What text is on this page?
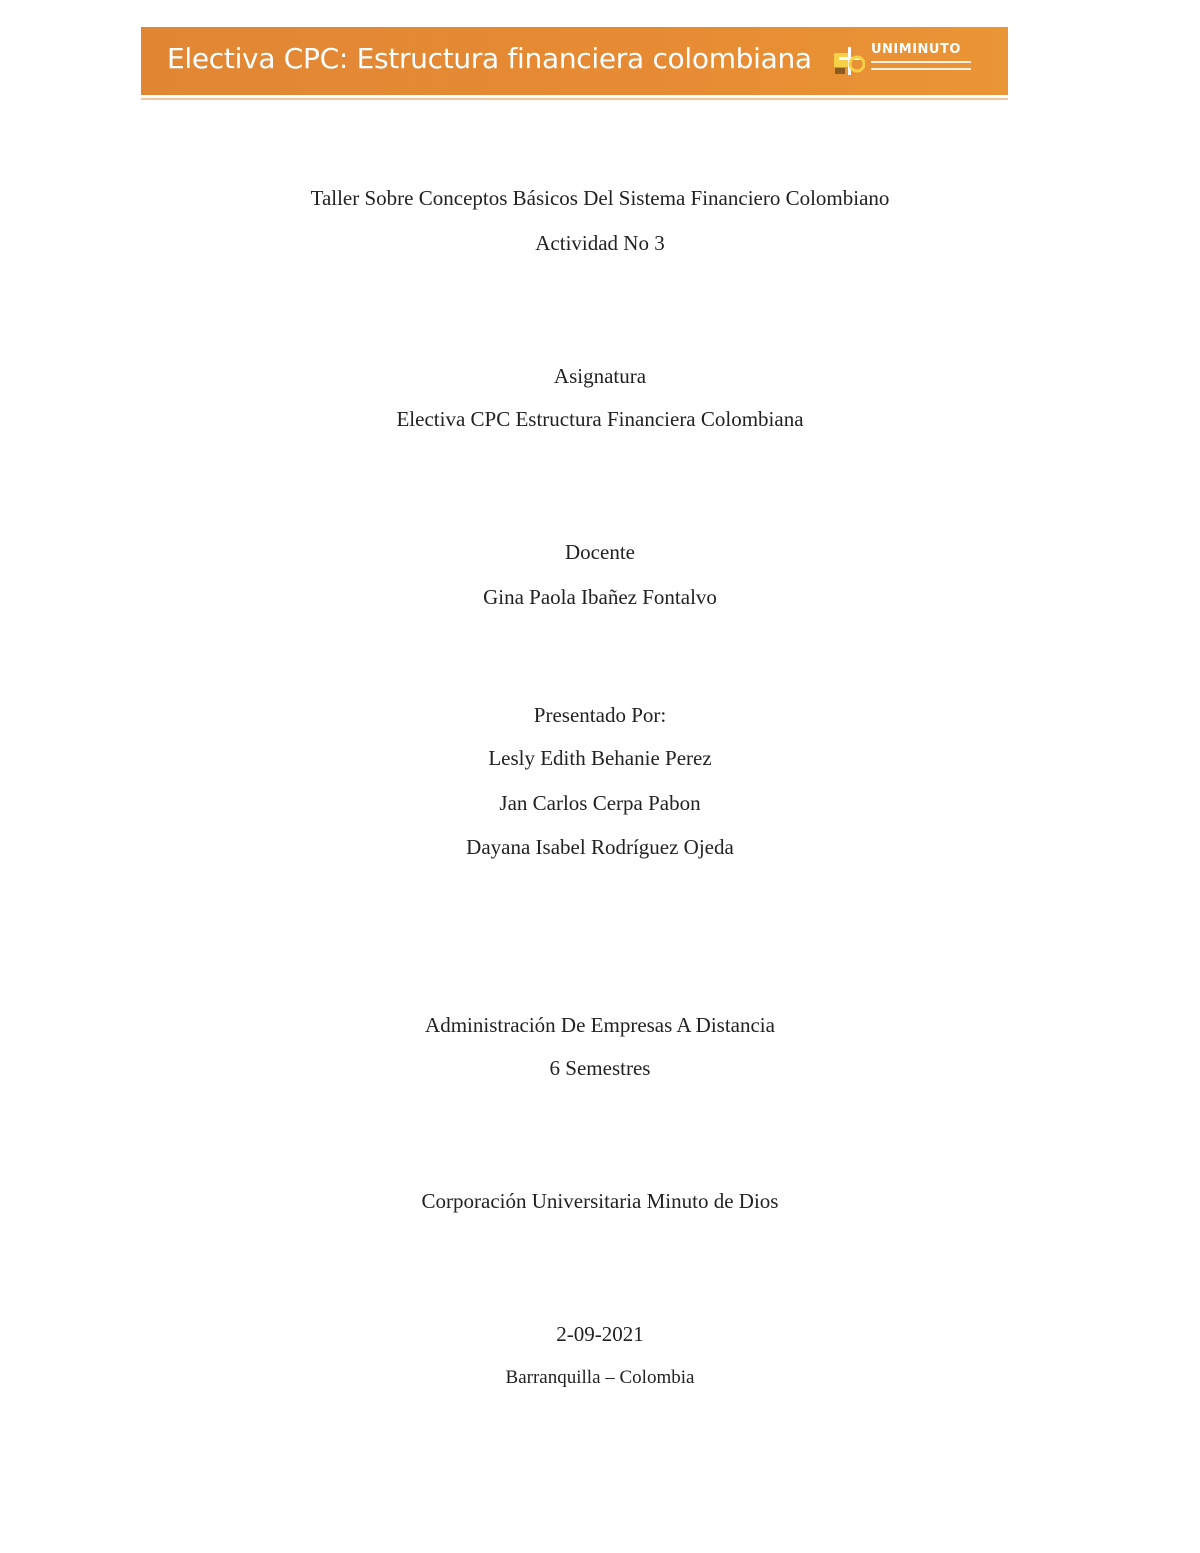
Electiva CPC: Estructura financiera colombiana	UNIMINUTO
Taller Sobre Conceptos Básicos Del Sistema Financiero Colombiano
Actividad No 3
Asignatura
Electiva CPC Estructura Financiera Colombiana
Docente
Gina Paola Ibañez Fontalvo
Presentado Por:
Lesly Edith Behanie Perez
Jan Carlos Cerpa Pabon
Dayana Isabel Rodríguez Ojeda
Administración De Empresas A Distancia
6 Semestres
Corporación Universitaria Minuto de Dios
2-09-2021
Barranquilla – Colombia
